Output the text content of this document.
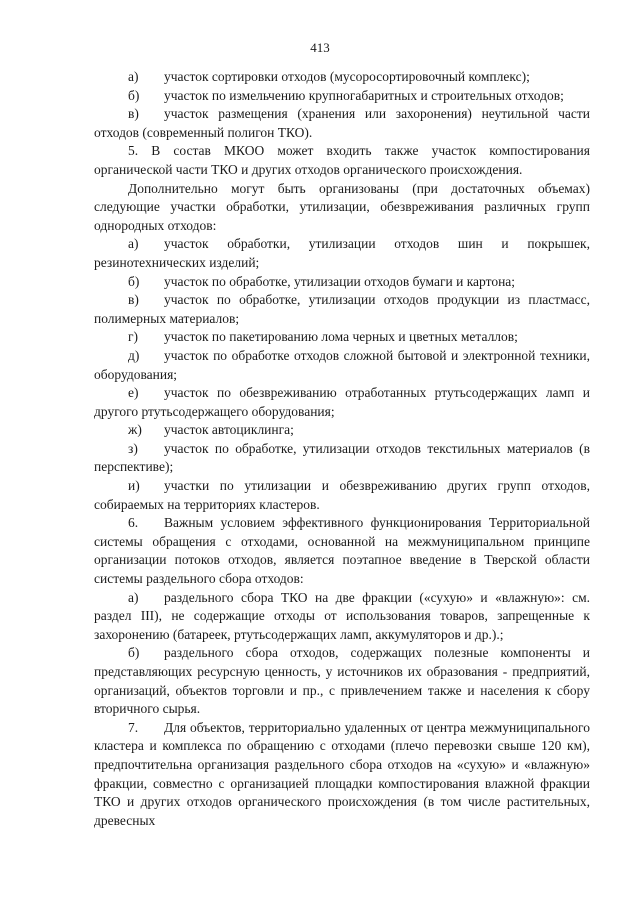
413

а) участок сортировки отходов (мусоросортировочный комплекс);

б) участок по измельчению крупногабаритных и строительных отходов;

в) участок размещения (хранения или захоронения) неутильной части отходов (современный полигон ТКО).

5. В состав МКОО может входить также участок компостирования органической части ТКО и других отходов органического происхождения.

Дополнительно могут быть организованы (при достаточных объемах) следующие участки обработки, утилизации, обезвреживания различных групп однородных отходов:

а) участок обработки, утилизации отходов шин и покрышек, резинотехнических изделий;

б) участок по обработке, утилизации отходов бумаги и картона;

в) участок по обработке, утилизации отходов продукции из пластмасс, полимерных материалов;

г) участок по пакетированию лома черных и цветных металлов;

д) участок по обработке отходов сложной бытовой и электронной техники, оборудования;

е) участок по обезвреживанию отработанных ртутьсодержащих ламп и другого ртутьсодержащего оборудования;

ж) участок автоциклинга;

з) участок по обработке, утилизации отходов текстильных материалов (в перспективе);

и) участки по утилизации и обезвреживанию других групп отходов, собираемых на территориях кластеров.

6. Важным условием эффективного функционирования Территориальной системы обращения с отходами, основанной на межмуниципальном принципе организации потоков отходов, является поэтапное введение в Тверской области системы раздельного сбора отходов:

а) раздельного сбора ТКО на две фракции («сухую» и «влажную»: см. раздел III), не содержащие отходы от использования товаров, запрещенные к захоронению (батареек, ртутьсодержащих ламп, аккумуляторов и др.).;

б) раздельного сбора отходов, содержащих полезные компоненты и представляющих ресурсную ценность, у источников их образования - предприятий, организаций, объектов торговли и пр., с привлечением также и населения к сбору вторичного сырья.

7. Для объектов, территориально удаленных от центра межмуниципального кластера и комплекса по обращению с отходами (плечо перевозки свыше 120 км), предпочтительна организация раздельного сбора отходов на «сухую» и «влажную» фракции, совместно с организацией площадки компостирования влажной фракции ТКО и других отходов органического происхождения (в том числе растительных, древесных
